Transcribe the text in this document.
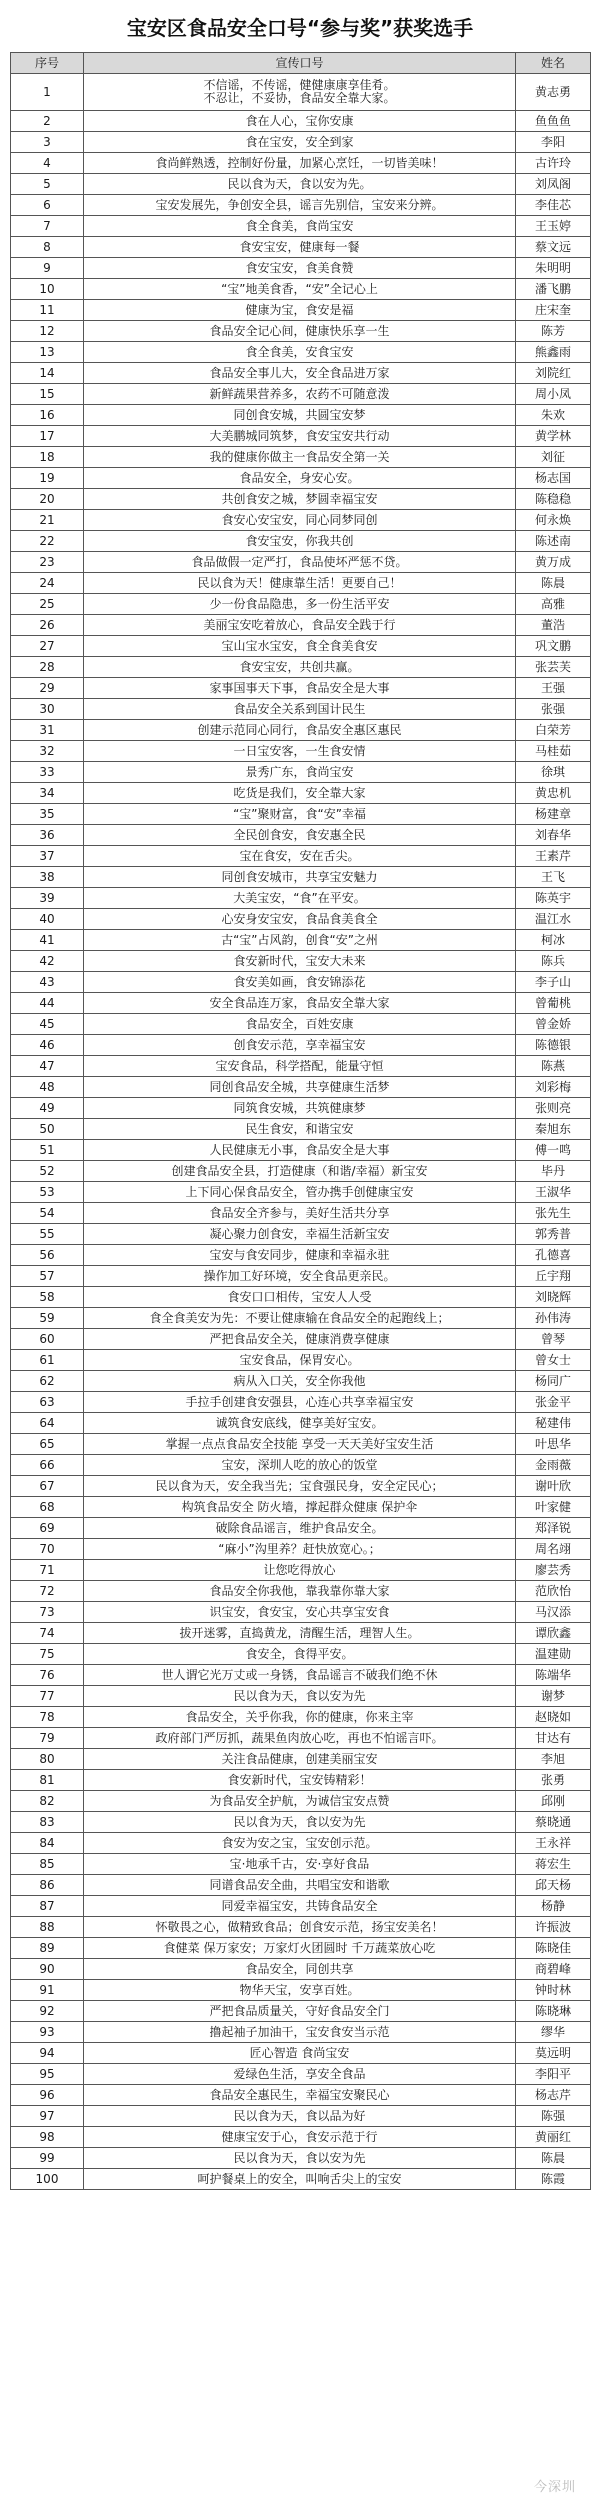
宝安区食品安全口号“参与奖”获奖选手
序号	宣传口号	姓名
1	不信谣，不传谣，健健康康享佳肴。
不忍让，不妥协，食品安全靠大家。	黄志勇
2	食在人心，宝你安康	鱼鱼鱼
3	食在宝安，安全到家	李阳
4	食尚鲜熟透，控制好份量，加紧心烹饪，一切皆美味！	古许玲
5	民以食为天，食以安为先。	刘凤阁
6	宝安发展先，争创安全县，谣言先别信，宝安来分辨。	李佳芯
7	食全食美，食尚宝安	王玉婷
8	食安宝安，健康每一餐	蔡文远
9	食安宝安，食美食赞	朱明明
10	“宝”地美食香，“安”全记心上	潘飞鹏
11	健康为宝，食安是福	庄宋奎
12	食品安全记心间，健康快乐享一生	陈芳
13	食全食美，安食宝安	熊鑫雨
14	食品安全事儿大，安全食品进万家	刘院红
15	新鲜蔬果营养多，农药不可随意泼	周小凤
16	同创食安城，共圆宝安梦	朱欢
17	大美鹏城同筑梦，食安宝安共行动	黄学林
18	我的健康你做主一食品安全第一关	刘征
19	食品安全，身安心安。	杨志国
20	共创食安之城，梦圆幸福宝安	陈稳稳
21	食安心安宝安，同心同梦同创	何永焕
22	食安宝安，你我共创	陈述南
23	食品做假一定严打，食品使坏严惩不贷。	黄万成
24	民以食为天！健康靠生活！更要自己！	陈晨
25	少一份食品隐患，多一份生活平安	高雅
26	美丽宝安吃着放心，食品安全践于行	董浩
27	宝山宝水宝安，食全食美食安	巩文鹏
28	食安宝安，共创共赢。	张芸芙
29	家事国事天下事，食品安全是大事	王强
30	食品安全关系到国计民生	张强
31	创建示范同心同行，食品安全惠区惠民	白荣芳
32	一日宝安客，一生食安情	马桂茹
33	景秀广东，食尚宝安	徐琪
34	吃货是我们，安全靠大家	黄忠机
35	“宝”聚财富，食“安”幸福	杨建章
36	全民创食安，食安惠全民	刘春华
37	宝在食安，安在舌尖。	王素芹
38	同创食安城市，共享宝安魅力	王飞
39	大美宝安，“食”在平安。	陈英宇
40	心安身安宝安，食品食美食全	温江水
41	古“宝”占风韵，创食“安”之州	柯冰
42	食安新时代，宝安大未来	陈兵
43	食安美如画，食安锦添花	李子山
44	安全食品连万家，食品安全靠大家	曾葡桃
45	食品安全，百姓安康	曾金娇
46	创食安示范，享幸福宝安	陈德银
47	宝安食品，科学搭配，能量守恒	陈燕
48	同创食品安全城，共享健康生活梦	刘彩梅
49	同筑食安城，共筑健康梦	张则亮
50	民生食安，和谐宝安	秦旭东
51	人民健康无小事，食品安全是大事	傅一鸣
52	创建食品安全县，打造健康（和谐/幸福）新宝安	毕丹
53	上下同心保食品安全，管办携手创健康宝安	王淑华
54	食品安全齐参与，美好生活共分享	张先生
55	凝心聚力创食安，幸福生活新宝安	郭秀普
56	宝安与食安同步，健康和幸福永驻	孔德喜
57	操作加工好环境，安全食品更亲民。	丘宇翔
58	食安口口相传，宝安人人受	刘晓辉
59	食全食美安为先：不要让健康输在食品安全的起跑线上；	孙伟涛
60	严把食品安全关，健康消费享健康	曾琴
61	宝安食品，保胃安心。	曾女士
62	病从入口关，安全你我他	杨同广
63	手拉手创建食安强县，心连心共享幸福宝安	张金平
64	诚筑食安底线，健享美好宝安。	秘建伟
65	掌握一点点食品安全技能 享受一天天美好宝安生活	叶思华
66	宝安，深圳人吃的放心的饭堂	金雨薇
67	民以食为天，安全我当先；宝食强民身，安全定民心；	谢叶欣
68	构筑食品安全 防火墙，撑起群众健康 保护伞	叶家健
69	破除食品谣言，维护食品安全。	郑泽锐
70	“麻小”沟里养？赶快放宽心。；	周名翊
71	让您吃得放心	廖芸秀
72	食品安全你我他，靠我靠你靠大家	范欣怡
73	识宝安，食安宝，安心共享宝安食	马汉添
74	拔开迷雾，直捣黄龙，清醒生活，理智人生。	谭欣鑫
75	食安全，食得平安。	温建勋
76	世人谓它光万丈或一身锈，食品谣言不破我们绝不休	陈端华
77	民以食为天，食以安为先	谢梦
78	食品安全，关乎你我，你的健康，你来主宰	赵晓如
79	政府部门严厉抓，蔬果鱼肉放心吃，再也不怕谣言吓。	甘达有
80	关注食品健康，创建美丽宝安	李旭
81	食安新时代，宝安铸精彩！	张勇
82	为食品安全护航，为诚信宝安点赞	邱刚
83	民以食为天，食以安为先	蔡晓通
84	食安为安之宝，宝安创示范。	王永祥
85	宝·地承千古，安·享好食品	蒋宏生
86	同谱食品安全曲，共唱宝安和谐歌	邱天杨
87	同爱幸福宝安，共铸食品安全	杨静
88	怀敬畏之心，做精致食品；创食安示范，扬宝安美名！	许振波
89	食健菜 保万家安；万家灯火团圆时 千万蔬菜放心吃	陈晓佳
90	食品安全，同创共享	商碧峰
91	物华天宝，安享百姓。	钟时林
92	严把食品质量关，守好食品安全门	陈晓琳
93	撸起袖子加油干，宝安食安当示范	缪华
94	匠心智造 食尚宝安	莫远明
95	爱绿色生活，享安全食品	李阳平
96	食品安全惠民生，幸福宝安聚民心	杨志芹
97	民以食为天，食以品为好	陈强
98	健康宝安于心，食安示范于行	黄丽红
99	民以食为天，食以安为先	陈晨
100	呵护餐桌上的安全，叫响舌尖上的宝安	陈霞
今深圳
